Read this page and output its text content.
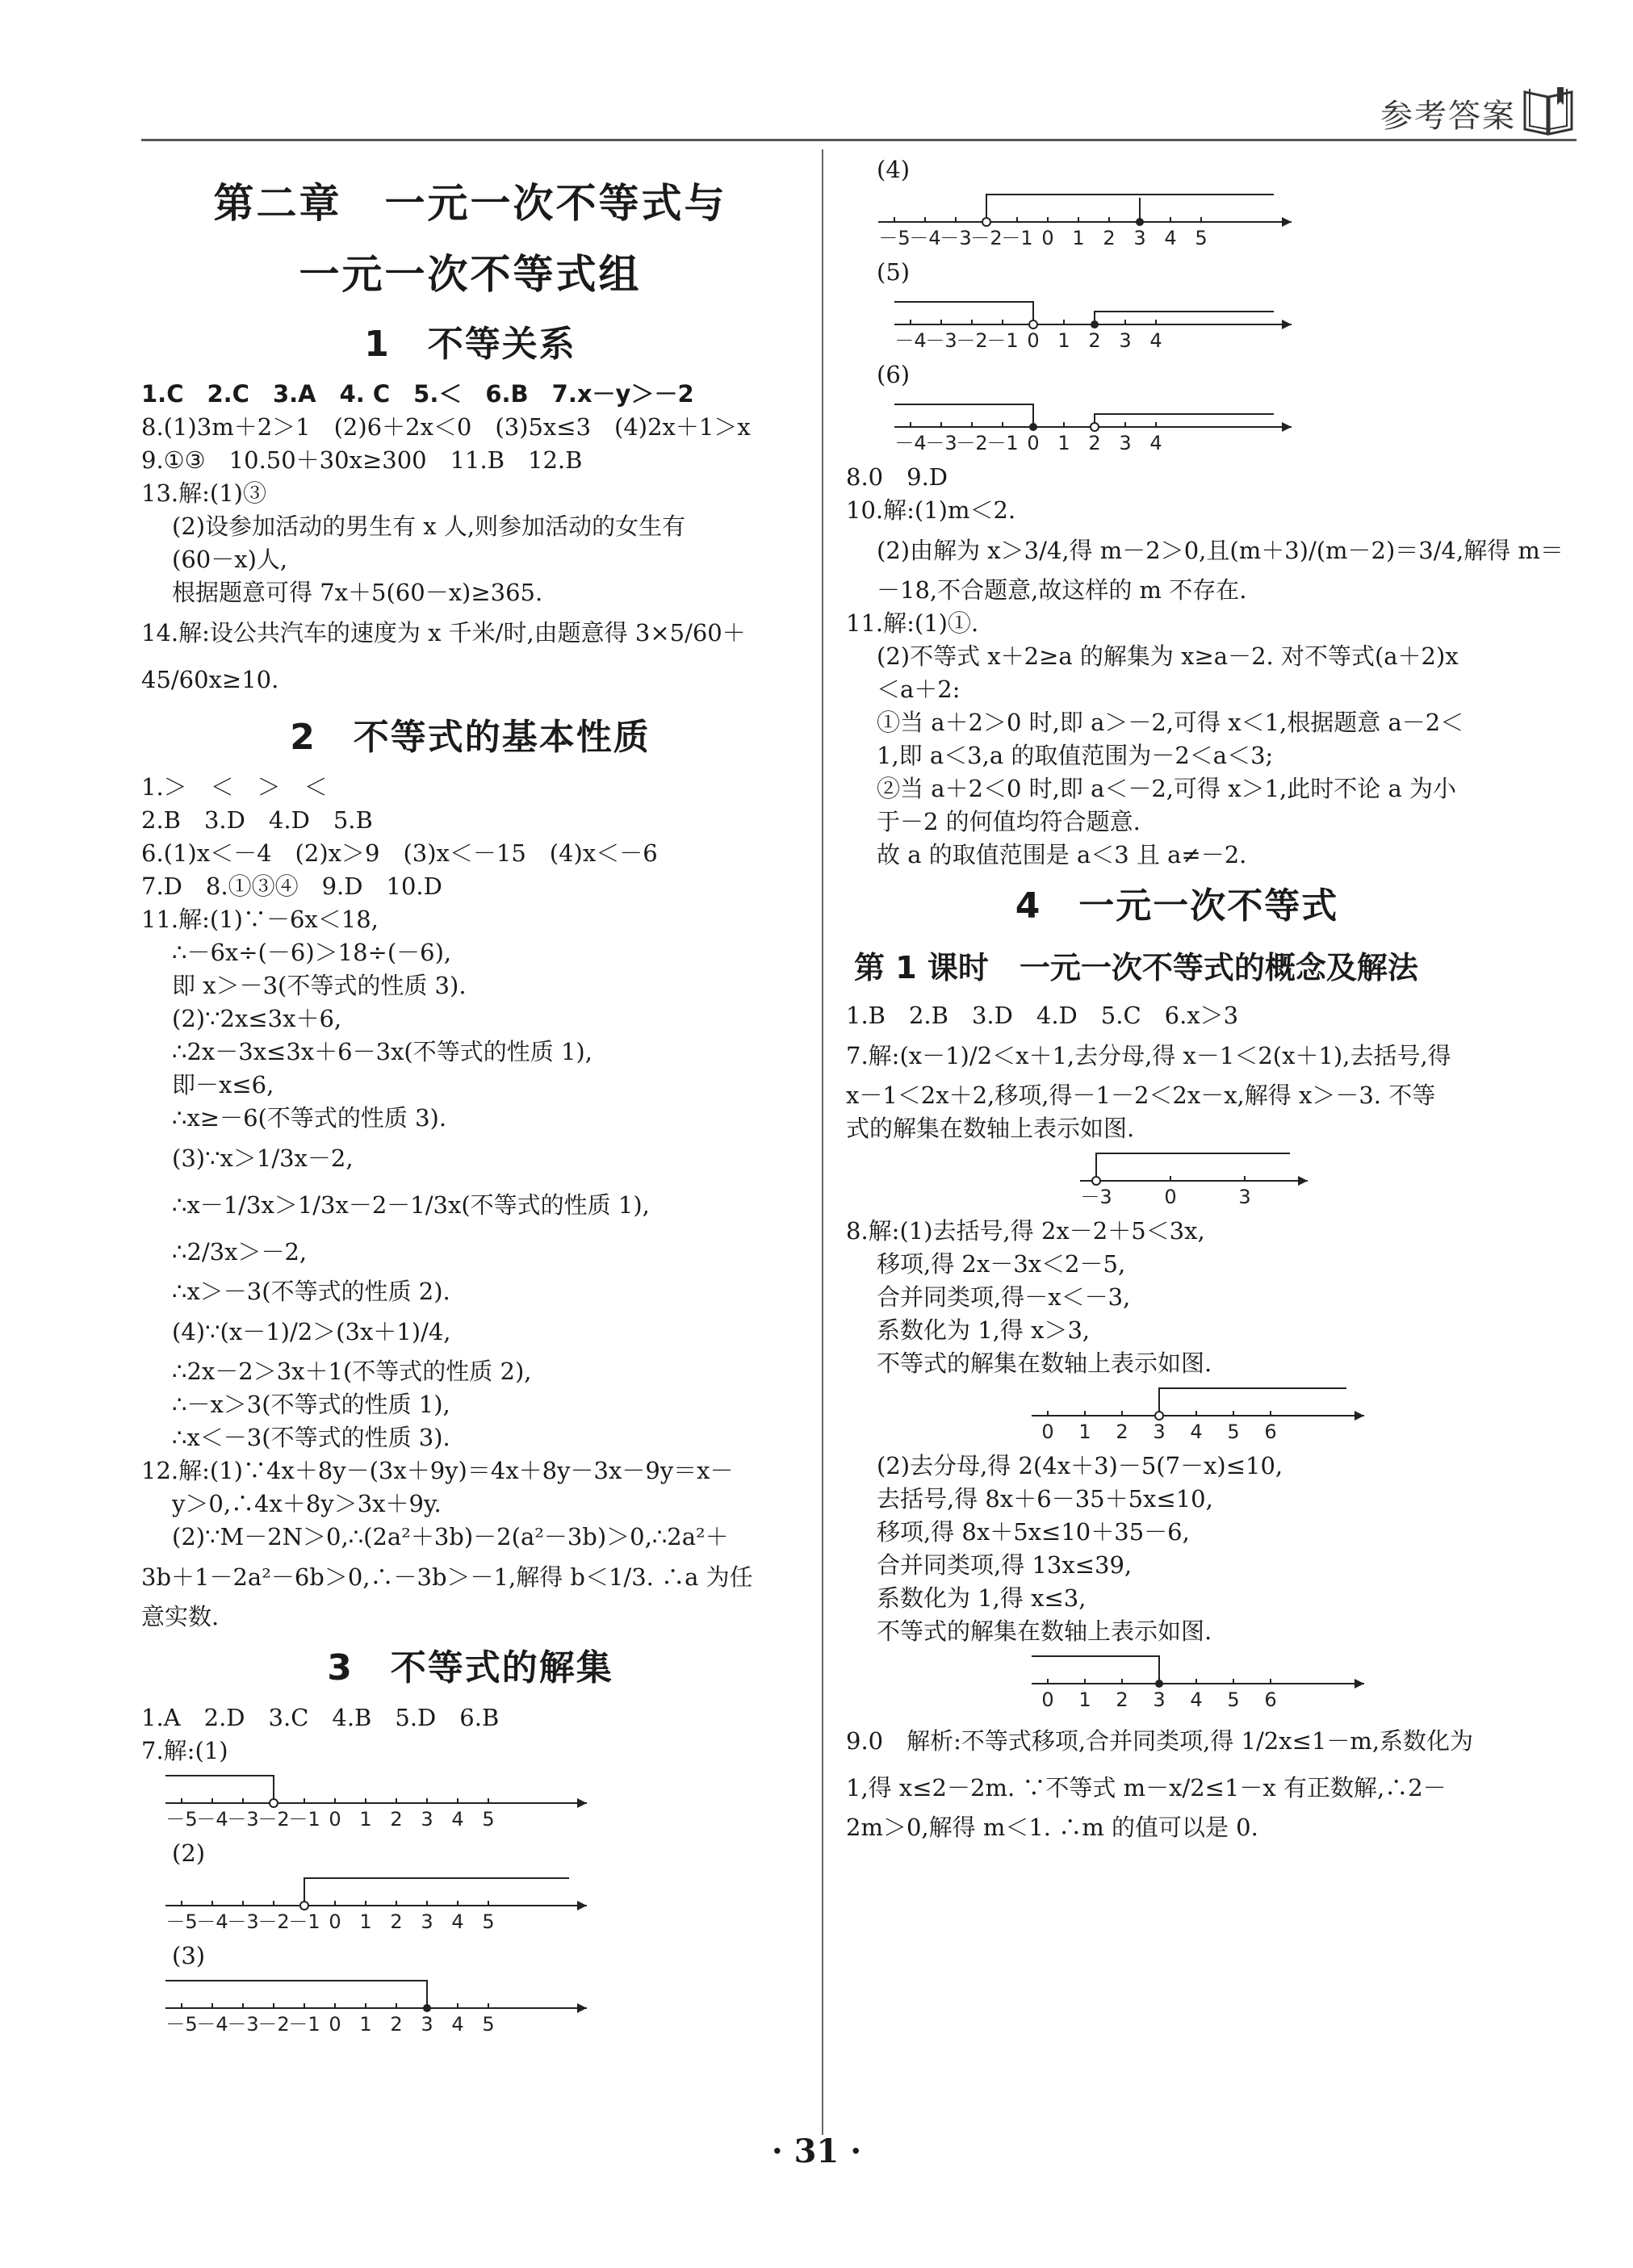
参考答案
第二章　一元一次不等式与
一元一次不等式组
1　不等关系

1.C　2.C　3.A　4. C　5.＜　6.B　7.x－y＞－2

8.(1)3m＋2＞1　(2)6＋2x＜0　(3)5x≤3　(4)2x＋1＞x

9.①③　10.50＋30x≥300　11.B　12.B

13.解:(1)③

(2)设参加活动的男生有 x 人,则参加活动的女生有

(60－x)人,

根据题意可得 7x＋5(60－x)≥365.

14.解:设公共汽车的速度为 x 千米/时,由题意得 3×5/60＋

45/60x≥10.

2　不等式的基本性质

1.＞　＜　＞　＜

2.B　3.D　4.D　5.B

6.(1)x＜－4　(2)x＞9　(3)x＜－15　(4)x＜－6

7.D　8.①③④　9.D　10.D

11.解:(1)∵－6x＜18,

∴－6x÷(－6)＞18÷(－6),

即 x＞－3(不等式的性质 3).

(2)∵2x≤3x＋6,

∴2x－3x≤3x＋6－3x(不等式的性质 1),

即－x≤6,

∴x≥－6(不等式的性质 3).

(3)∵x＞1/3x－2,

∴x－1/3x＞1/3x－2－1/3x(不等式的性质 1),

∴2/3x＞－2,

∴x＞－3(不等式的性质 2).

(4)∵(x－1)/2＞(3x＋1)/4,

∴2x－2＞3x＋1(不等式的性质 2),

∴－x＞3(不等式的性质 1),

∴x＜－3(不等式的性质 3).

12.解:(1)∵4x＋8y－(3x＋9y)＝4x＋8y－3x－9y＝x－

y＞0,∴4x＋8y＞3x＋9y.

(2)∵M－2N＞0,∴(2a²＋3b)－2(a²－3b)＞0,∴2a²＋

3b＋1－2a²－6b＞0,∴－3b＞－1,解得 b＜1/3. ∴a 为任

意实数.

3　不等式的解集

1.A　2.D　3.C　4.B　5.D　6.B

7.解:(1)

－5
－4
－3
－2
－1 0 1 2 3 4 5

(2)

－5
－4
－3
－2
－1 0 1 2 3 4 5

(3)

－5
－4
－3
－2
－1 0 1 2 3 4 5

(4)

－5
－4
－3
－2
－1 0 1 2 3 4 5

(5)

－4
－3
－2
－1 0 1 2 3 4

(6)

－4
－3
－2
－1 0 1 2 3 4

8.0　9.D

10.解:(1)m＜2.

(2)由解为 x＞3/4,得 m－2＞0,且(m＋3)/(m－2)＝3/4,解得 m＝

－18,不合题意,故这样的 m 不存在.

11.解:(1)①.

(2)不等式 x＋2≥a 的解集为 x≥a－2. 对不等式(a＋2)x

＜a＋2:

①当 a＋2＞0 时,即 a＞－2,可得 x＜1,根据题意 a－2＜

1,即 a＜3,a 的取值范围为－2＜a＜3;

②当 a＋2＜0 时,即 a＜－2,可得 x＞1,此时不论 a 为小

于－2 的何值均符合题意.

故 a 的取值范围是 a＜3 且 a≠－2.

4　一元一次不等式
第 1 课时　一元一次不等式的概念及解法

1.B　2.B　3.D　4.D　5.C　6.x＞3

7.解:(x－1)/2＜x＋1,去分母,得 x－1＜2(x＋1),去括号,得

x－1＜2x＋2,移项,得－1－2＜2x－x,解得 x＞－3. 不等

式的解集在数轴上表示如图.

－3	0	3

8.解:(1)去括号,得 2x－2＋5＜3x,

移项,得 2x－3x＜2－5,

合并同类项,得－x＜－3,

系数化为 1,得 x＞3,

不等式的解集在数轴上表示如图.

0 1 2 3 4 5 6

(2)去分母,得 2(4x＋3)－5(7－x)≤10,

去括号,得 8x＋6－35＋5x≤10,

移项,得 8x＋5x≤10＋35－6,

合并同类项,得 13x≤39,

系数化为 1,得 x≤3,

不等式的解集在数轴上表示如图.

0 1 2 3 4 5 6

9.0　解析:不等式移项,合并同类项,得 1/2x≤1－m,系数化为

1,得 x≤2－2m. ∵不等式 m－x/2≤1－x 有正数解,∴2－

2m＞0,解得 m＜1. ∴m 的值可以是 0.

· 31 ·
